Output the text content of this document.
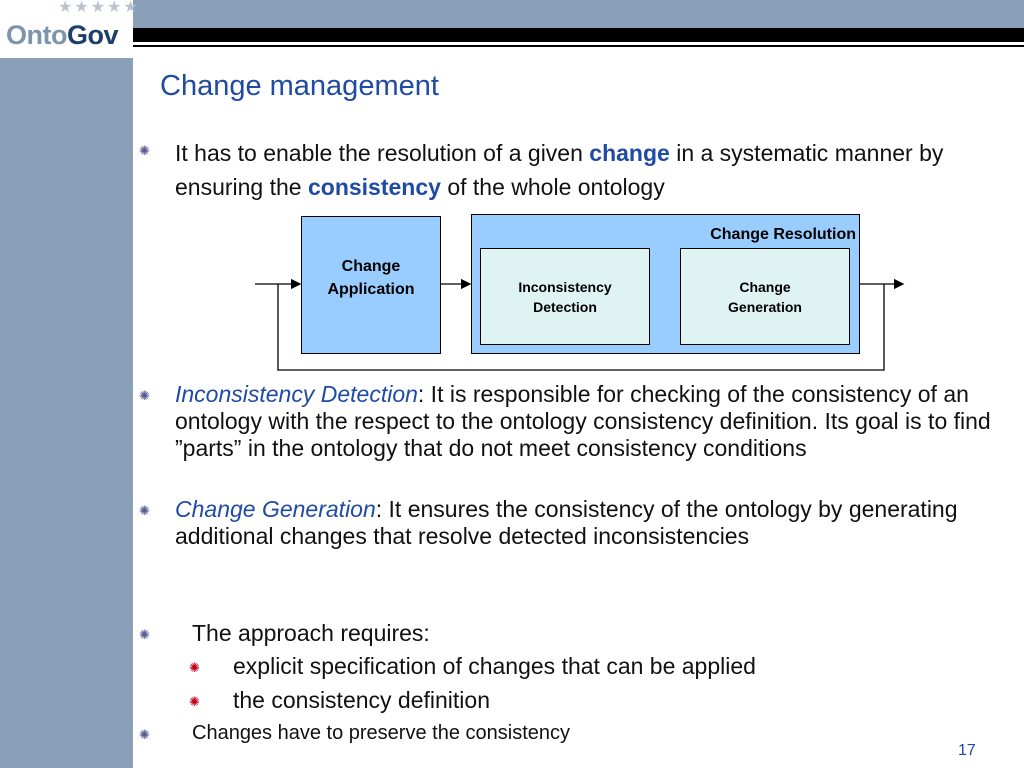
★★★★★
OntoGov
Change management
✺ It has to enable the resolution of a given change in a systematic manner by ensuring the consistency of the whole ontology
Change
Application
Change Resolution
Inconsistency
Detection
Change
Generation
✺ Inconsistency Detection: It is responsible for checking of the consistency of an ontology with the respect to the ontology consistency definition. Its goal is to find ”parts” in the ontology that do not meet consistency conditions
✺ Change Generation: It ensures the consistency of the ontology by generating additional changes that resolve detected inconsistencies
✺ The approach requires:
✺ explicit specification of changes that can be applied
✺ the consistency definition
✺ Changes have to preserve the consistency
17
